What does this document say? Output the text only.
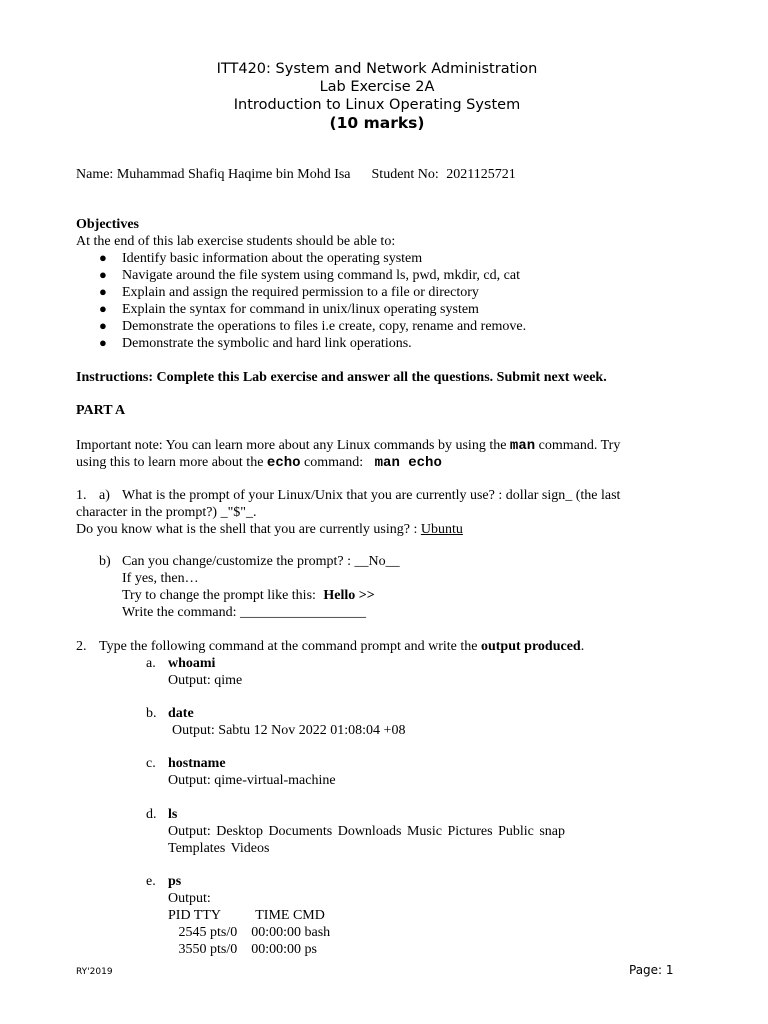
ITT420: System and Network Administration
Lab Exercise 2A
Introduction to Linux Operating System
(10 marks)
Name: Muhammad Shafiq Haqime bin Mohd Isa Student No: 2021125721
Objectives
At the end of this lab exercise students should be able to:
● Identify basic information about the operating system
● Navigate around the file system using command ls, pwd, mkdir, cd, cat
● Explain and assign the required permission to a file or directory
● Explain the syntax for command in unix/linux operating system
● Demonstrate the operations to files i.e create, copy, rename and remove.
● Demonstrate the symbolic and hard link operations.
Instructions: Complete this Lab exercise and answer all the questions. Submit next week.
PART A
Important note: You can learn more about any Linux commands by using the man command. Try
using this to learn more about the echo command: man echo
1. a) What is the prompt of your Linux/Unix that you are currently use? : dollar sign_ (the last
character in the prompt?) _"$"_.
Do you know what is the shell that you are currently using? : Ubuntu
b) Can you change/customize the prompt? : __No__
If yes, then…
Try to change the prompt like this: Hello >>
Write the command: __________________
2. Type the following command at the command prompt and write the output produced.
a. whoami
Output: qime
b. date
Output: Sabtu 12 Nov 2022 01:08:04 +08
c. hostname
Output: qime-virtual-machine
d. ls
Output: Desktop Documents Downloads Music Pictures Public snap
Templates Videos
e. ps
Output:
PID TTY          TIME CMD
2545 pts/0    00:00:00 bash
3550 pts/0    00:00:00 ps
RY'2019	Page: 1
